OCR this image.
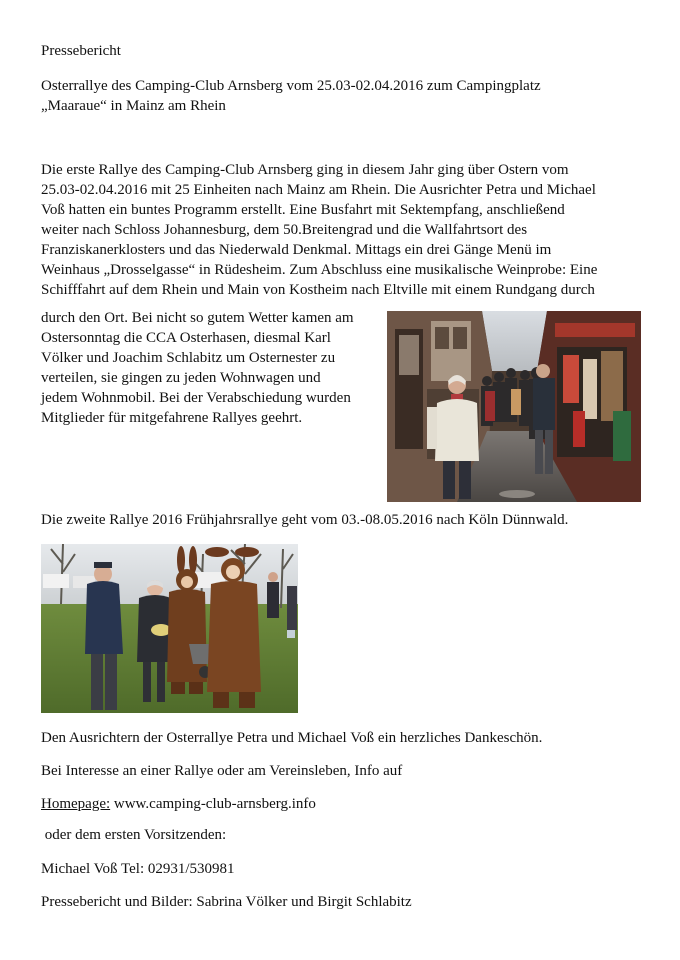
Pressebericht

Osterrallye des Camping-Club Arnsberg vom 25.03-02.04.2016 zum Campingplatz
„Maaraue“ in Mainz am Rhein

Die erste Rallye des Camping-Club Arnsberg ging in diesem Jahr ging über Ostern vom
25.03-02.04.2016 mit 25 Einheiten nach Mainz am Rhein. Die Ausrichter Petra und Michael
Voß hatten ein buntes Programm erstellt. Eine Busfahrt mit Sektempfang, anschließend
weiter nach Schloss Johannesburg, dem 50.Breitengrad und die Wallfahrtsort des
Franziskanerklosters und das Niederwald Denkmal. Mittags ein drei Gänge Menü im
Weinhaus „Drosselgasse“ in Rüdesheim. Zum Abschluss eine musikalische Weinprobe: Eine
Schifffahrt auf dem Rhein und Main von Kostheim nach Eltville mit einem Rundgang durch

durch den Ort. Bei nicht so gutem Wetter kamen am
Ostersonntag die CCA Osterhasen, diesmal Karl
Völker und Joachim Schlabitz um Osternester zu
verteilen, sie gingen zu jeden Wohnwagen und
jedem Wohnmobil. Bei der Verabschiedung wurden
Mitglieder für mitgefahrene Rallyes geehrt.

Die zweite Rallye 2016 Frühjahrsrallye geht vom 03.-08.05.2016 nach Köln Dünnwald.

Den Ausrichtern der Osterrallye Petra und Michael Voß ein herzliches Dankeschön.

Bei Interesse an einer Rallye oder am Vereinsleben, Info auf

Homepage: www.camping-club-arnsberg.info

oder dem ersten Vorsitzenden:

Michael Voß Tel: 02931/530981

Pressebericht und Bilder: Sabrina Völker und Birgit Schlabitz
